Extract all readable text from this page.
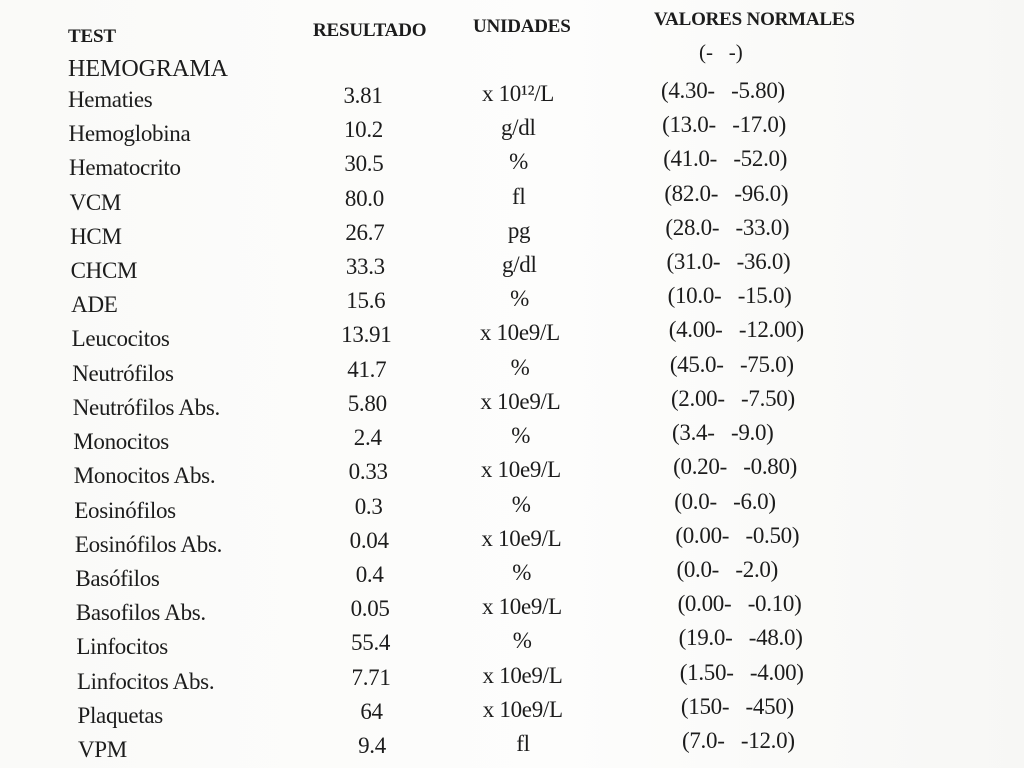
TEST	RESULTADO UNIDADES	VALORES NORMALES
(-   -)
HEMOGRAMA
Hematies	3.81	x 10¹²/L	(4.30-   -5.80)
Hemoglobina	10.2	g/dl	(13.0-   -17.0)
Hematocrito	30.5	%	(41.0-   -52.0)
VCM	80.0	fl	(82.0-   -96.0)
HCM	26.7	pg	(28.0-   -33.0)
CHCM	33.3	g/dl	(31.0-   -36.0)
ADE	15.6	%	(10.0-   -15.0)
Leucocitos	13.91	x 10e9/L	(4.00-   -12.00)
Neutrófilos	41.7	%	(45.0-   -75.0)
Neutrófilos Abs.	5.80	x 10e9/L	(2.00-   -7.50)
Monocitos	2.4	%	(3.4-   -9.0)
Monocitos Abs.	0.33	x 10e9/L	(0.20-   -0.80)
Eosinófilos	0.3	%	(0.0-   -6.0)
Eosinófilos Abs.	0.04	x 10e9/L	(0.00-   -0.50)
Basófilos	0.4	%	(0.0-   -2.0)
Basofilos Abs.	0.05	x 10e9/L	(0.00-   -0.10)
Linfocitos	55.4	%	(19.0-   -48.0)
Linfocitos Abs.	7.71	x 10e9/L	(1.50-   -4.00)
Plaquetas	64	x 10e9/L	(150-   -450)
VPM	9.4	fl	(7.0-   -12.0)
